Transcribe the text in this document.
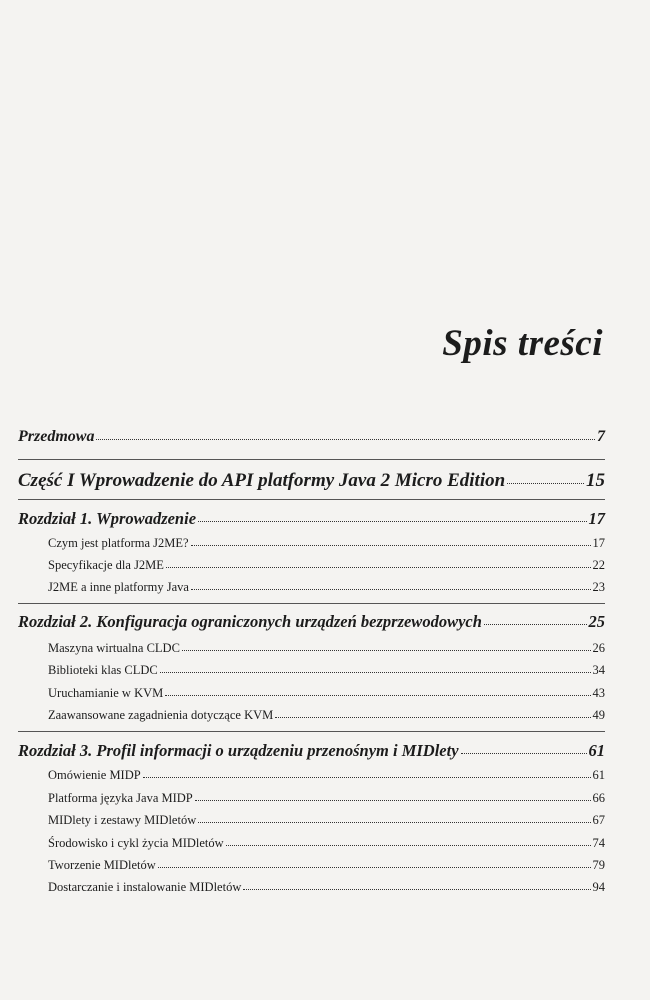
Spis treści
Przedmowa	7
Część I Wprowadzenie do API platformy Java 2 Micro Edition	15
Rozdział 1. Wprowadzenie	17
Czym jest platforma J2ME?	17
Specyfikacje dla J2ME	22
J2ME a inne platformy Java	23
Rozdział 2. Konfiguracja ograniczonych urządzeń bezprzewodowych	25
Maszyna wirtualna CLDC	26
Biblioteki klas CLDC	34
Uruchamianie w KVM	43
Zaawansowane zagadnienia dotyczące KVM	49
Rozdział 3. Profil informacji o urządzeniu przenośnym i MIDlety	61
Omówienie MIDP	61
Platforma języka Java MIDP	66
MIDlety i zestawy MIDletów	67
Środowisko i cykl życia MIDletów	74
Tworzenie MIDletów	79
Dostarczanie i instalowanie MIDletów	94
